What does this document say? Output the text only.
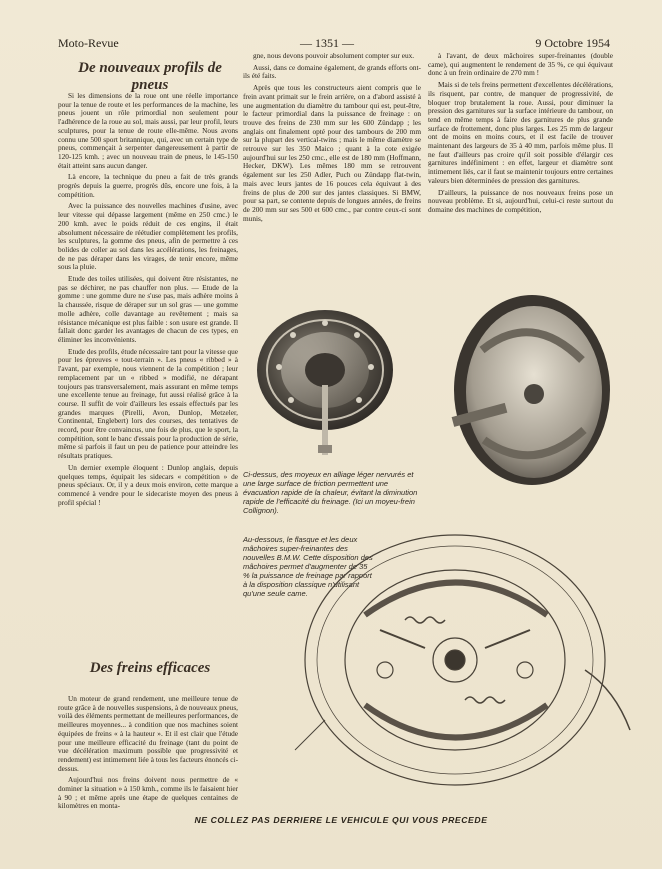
Moto-Revue	— 1351 —	9 Octobre 1954
De nouveaux profils de pneus

Si les dimensions de la roue ont une réelle importance pour la tenue de route et les performances de la machine, les pneus jouent un rôle primordial non seulement pour l'adhérence de la roue au sol, mais aussi, par leur profil, leurs sculptures, pour la tenue de route elle-même. Nous avons connu une 500 sport britannique, qui, avec un certain type de pneus, commençait à serpenter dangereusement à partir de 120-125 kmh. ; avec un nouveau train de pneus, le 145-150 était atteint sans aucun danger.

Là encore, la technique du pneu a fait de très grands progrès depuis la guerre, progrès dûs, encore une fois, à la compétition.

Avec la puissance des nouvelles machines d'usine, avec leur vitesse qui dépasse largement (même en 250 cmc.) le 200 kmh. avec le poids réduit de ces engins, il était absolument nécessaire de réétudier complètement les profils, les sculptures, la gomme des pneus, afin de permettre à ces bolides de coller au sol dans les accélérations, les freinages, de ne pas déraper dans les virages, de tenir encore, même sous la pluie.

Etude des toiles utilisées, qui doivent être résistantes, ne pas se déchirer, ne pas chauffer non plus. — Etude de la gomme : une gomme dure ne s'use pas, mais adhère moins à la chaussée, risque de déraper sur un sol gras — une gomme molle adhère, colle davantage au revêtement ; mais sa résistance mécanique est plus faible : son usure est grande. Il fallait donc garder les avantages de chacun de ces types, en éliminer les inconvénients.

Etude des profils, étude nécessaire tant pour la vitesse que pour les épreuves « tout-terrain ». Les pneus « ribbed » à l'avant, par exemple, nous viennent de la compétition ; leur remplacement par un « ribbed » modifié, ne dérapant toujours pas transversalement, mais assurant en même temps une excellente tenue au freinage, fut aussi réalisé grâce à la course. Il suffit de voir d'ailleurs les essais effectués par les grandes marques (Pirelli, Avon, Dunlop, Metzeler, Continental, Englebert) lors des courses, des tentatives de record, pour être convaincus, une fois de plus, que le sport, la compétition, sont le banc d'essais pour la production de série, même si parfois il faut un peu de patience pour atteindre les résultats pratiques.

Un dernier exemple éloquent : Dunlop anglais, depuis quelques temps, équipait les sidecars « compétition » de pneus spéciaux. Or, il y a deux mois environ, cette marque a commencé à vendre pour le sidecariste moyen des pneus à profil spécial !

Des freins efficaces

Un moteur de grand rendement, une meilleure tenue de route grâce à de nouvelles suspensions, à de nouveaux pneus, voilà des éléments permettant de meilleures performances, de meilleures moyennes... à condition que nos machines soient équipées de freins « à la hauteur ». Et il est clair que l'étude pour une meilleure efficacité du freinage (tant du point de vue décélération maximum possible que progressivité et rendement) est intimement liée à tous les facteurs énoncés ci-dessus.

Aujourd'hui nos freins doivent nous permettre de « dominer la situation » à 150 kmh., comme ils le faisaient hier à 90 ; et même après une étape de quelques centaines de kilomètres en monta-

gne, nous devons pouvoir absolument compter sur eux.

Aussi, dans ce domaine également, de grands efforts ont-ils été faits.

Après que tous les constructeurs aient compris que le frein avant primait sur le frein arrière, on a d'abord assisté à une augmentation du diamètre du tambour qui est, peut-être, le facteur primordial dans la puissance de freinage : on trouve des freins de 230 mm sur les 600 Zündapp ; les anglais ont finalement opté pour des tambours de 200 mm sur la plupart des vertical-twins ; mais le même diamètre se retrouve sur les 350 Maico ; quant à la cote exigée aujourd'hui sur les 250 cmc., elle est de 180 mm (Hoffmann, Hecker, DKW). Les mêmes 180 mm se retrouvent également sur les 250 Adler, Puch ou Zündapp flat-twin, mais avec leurs jantes de 16 pouces cela équivaut à des freins de plus de 200 sur des jantes classiques. Si BMW, pour sa part, se contente depuis de longues années, de freins de 200 mm sur ses 500 et 600 cmc., par contre ceux-ci sont munis,

à l'avant, de deux mâchoires super-freinantes (double came), qui augmentent le rendement de 35 %, ce qui équivaut donc à un frein ordinaire de 270 mm !

Mais si de tels freins permettent d'excellentes décélérations, ils risquent, par contre, de manquer de progressivité, de bloquer trop brutalement la roue. Aussi, pour diminuer la pression des garnitures sur la surface intérieure du tambour, on tend en même temps à faire des garnitures de plus grande surface de frottement, donc plus larges. Les 25 mm de largeur ont de moins en moins cours, et il est facile de trouver maintenant des largeurs de 35 à 40 mm, parfois même plus. Il ne faut d'ailleurs pas croire qu'il soit possible d'élargir ces garnitures indéfiniment : en effet, largeur et diamètre sont intimement liés, car il faut se maintenir toujours entre certaines valeurs bien déterminées de pression des garnitures.

D'ailleurs, la puissance de nos nouveaux freins pose un nouveau problème. Et si, aujourd'hui, celui-ci reste surtout du domaine des machines de compétition,

Ci-dessus, des moyeux en alliage léger nervurés et une large surface de friction permettent une évacuation rapide de la chaleur, évitant la diminution rapide de l'efficacité du freinage. (Ici un moyeu-frein Collignon).
Au-dessous, le flasque et les deux mâchoires super-freinantes des nouvelles B.M.W. Cette disposition des mâchoires permet d'augmenter de 35 % la puissance de freinage par rapport à la disposition classique n'utilisant qu'une seule came.
NE COLLEZ PAS DERRIERE LE VEHICULE QUI VOUS PRECEDE
